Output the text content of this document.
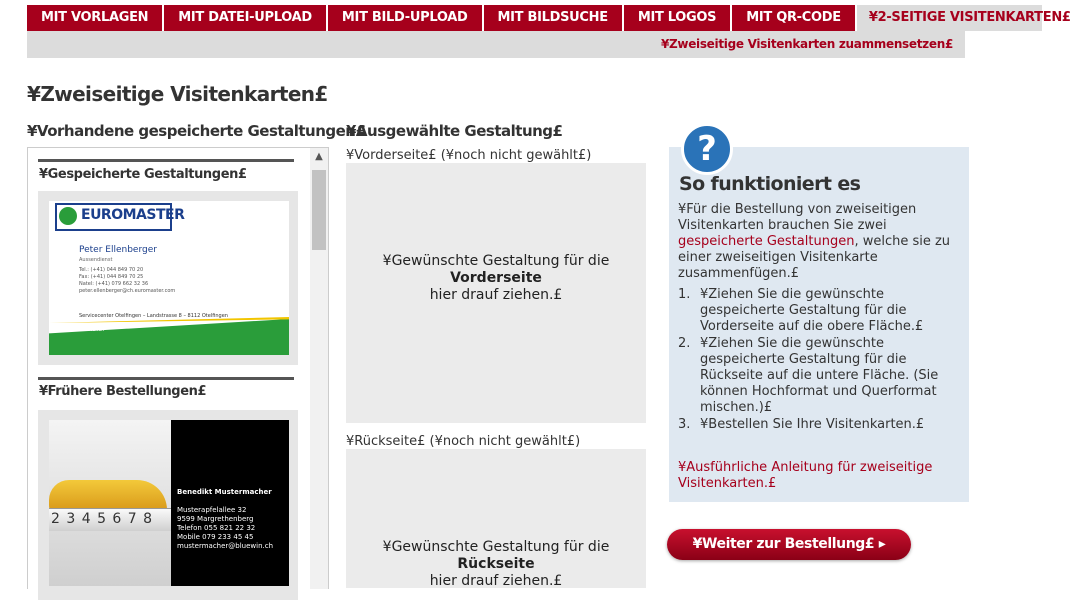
MIT VORLAGEN	MIT DATEI-UPLOAD	MIT BILD-UPLOAD	MIT BILDSUCHE	MIT LOGOS	MIT QR-CODE	¥2-SEITIGE VISITENKARTEN£
¥Zweiseitige Visitenkarten zuammensetzen£
¥Zweiseitige Visitenkarten£
¥Vorhandene gespeicherte Gestaltungen£
¥Gespeicherte Gestaltungen£
EUROMASTER
Peter Ellenberger
Aussendienst
Tel.: (+41) 044 849 70 20
Fax: (+41) 044 849 70 25
Natel: (+41) 079 662 32 36
peter.ellenberger@ch.euromaster.com
Servicecenter Otelfingen – Landstrasse 8 – 8112 Otelfingen
www.euromaster.ch
¥Frühere Bestellungen£
2 3 4 5 6 7 8
Benedikt Mustermacher
Musterapfelallee 32
9599 Margrethenberg
Telefon 055 821 22 32
Mobile 079 233 45 45
mustermacher@bluewin.ch
▲
¥Ausgewählte Gestaltung£
¥Vorderseite£ (¥noch nicht gewählt£)
¥Gewünschte Gestaltung für die
Vorderseite
hier drauf ziehen.£
¥Rückseite£ (¥noch nicht gewählt£)
¥Gewünschte Gestaltung für die
Rückseite
hier drauf ziehen.£
?
So funktioniert es
¥Für die Bestellung von zweiseitigen Visitenkarten brauchen Sie zwei gespeicherte Gestaltungen, welche sie zu einer zweiseitigen Visitenkarte zusammenfügen.£
1. ¥Ziehen Sie die gewünschte gespeicherte Gestaltung für die Vorderseite auf die obere Fläche.£
2. ¥Ziehen Sie die gewünschte gespeicherte Gestaltung für die Rückseite auf die untere Fläche. (Sie können Hochformat und Querformat mischen.)£
3. ¥Bestellen Sie Ihre Visitenkarten.£
¥Ausführliche Anleitung für zweiseitige Visitenkarten.£
¥Weiter zur Bestellung£ ▸
